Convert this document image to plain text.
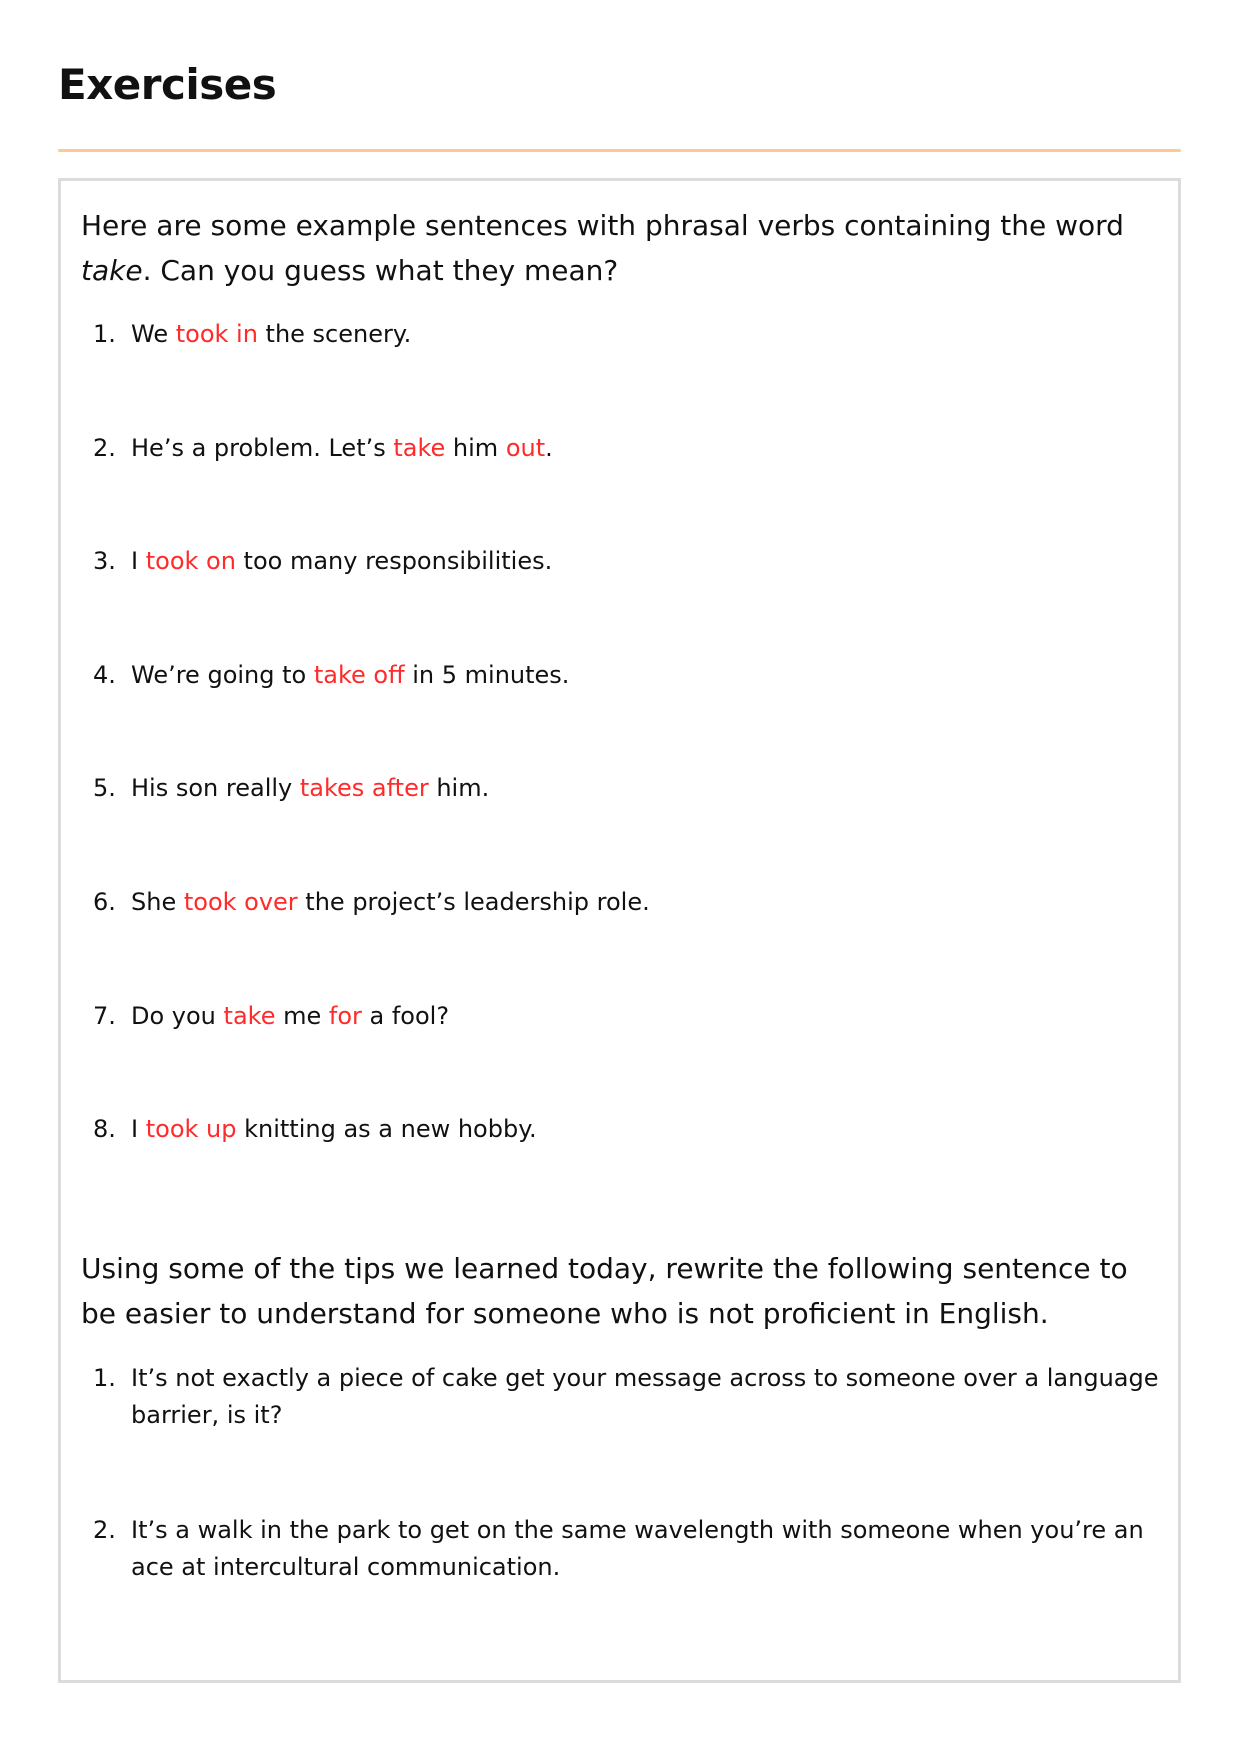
Exercises

Here are some example sentences with phrasal verbs containing the word take. Can you guess what they mean?

1. We took in the scenery.
2. He’s a problem. Let’s take him out.
3. I took on too many responsibilities.
4. We’re going to take off in 5 minutes.
5. His son really takes after him.
6. She took over the project’s leadership role.
7. Do you take me for a fool?
8. I took up knitting as a new hobby.

Using some of the tips we learned today, rewrite the following sentence to be easier to understand for someone who is not proficient in English.

1. It’s not exactly a piece of cake get your message across to someone over a language barrier, is it?
2. It’s a walk in the park to get on the same wavelength with someone when you’re an ace at intercultural communication.
